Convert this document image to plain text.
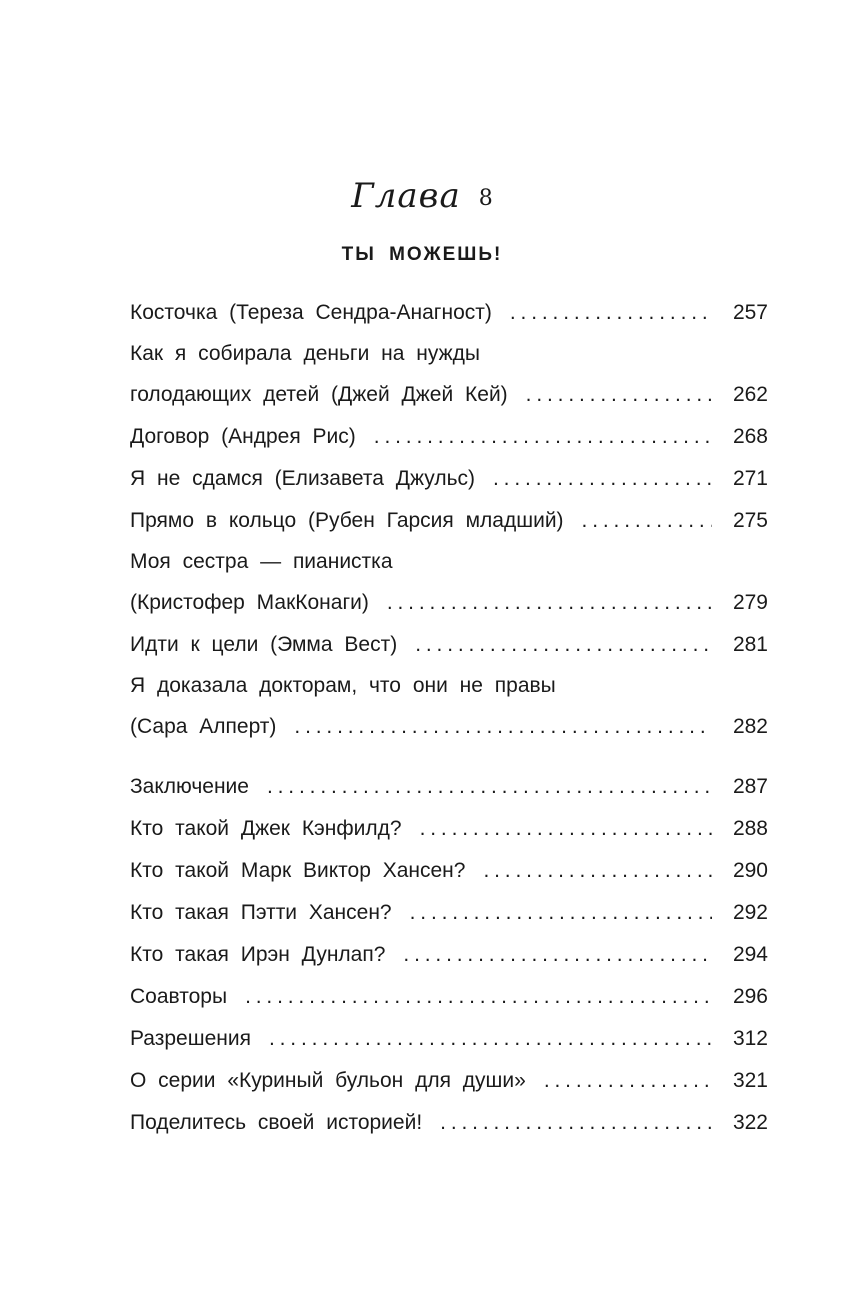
Глава 8
ТЫ МОЖЕШЬ!
Косточка (Тереза Сендра-Анагност) . . .	257
Как я собирала деньги на нужды
голодающих детей (Джей Джей Кей) . . .	262
Договор (Андрея Рис) . . .	268
Я не сдамся (Елизавета Джульс) . . .	271
Прямо в кольцо (Рубен Гарсия младший) . . .	275
Моя сестра — пианистка
(Кристофер МакКонаги) . . .	279
Идти к цели (Эмма Вест) . . .	281
Я доказала докторам, что они не правы
(Сара Алперт) . . .	282
Заключение . . .	287
Кто такой Джек Кэнфилд? . . .	288
Кто такой Марк Виктор Хансен? . . .	290
Кто такая Пэтти Хансен? . . .	292
Кто такая Ирэн Дунлап? . . .	294
Соавторы . . .	296
Разрешения . . .	312
О серии «Куриный бульон для души» . . .	321
Поделитесь своей историей! . . .	322
